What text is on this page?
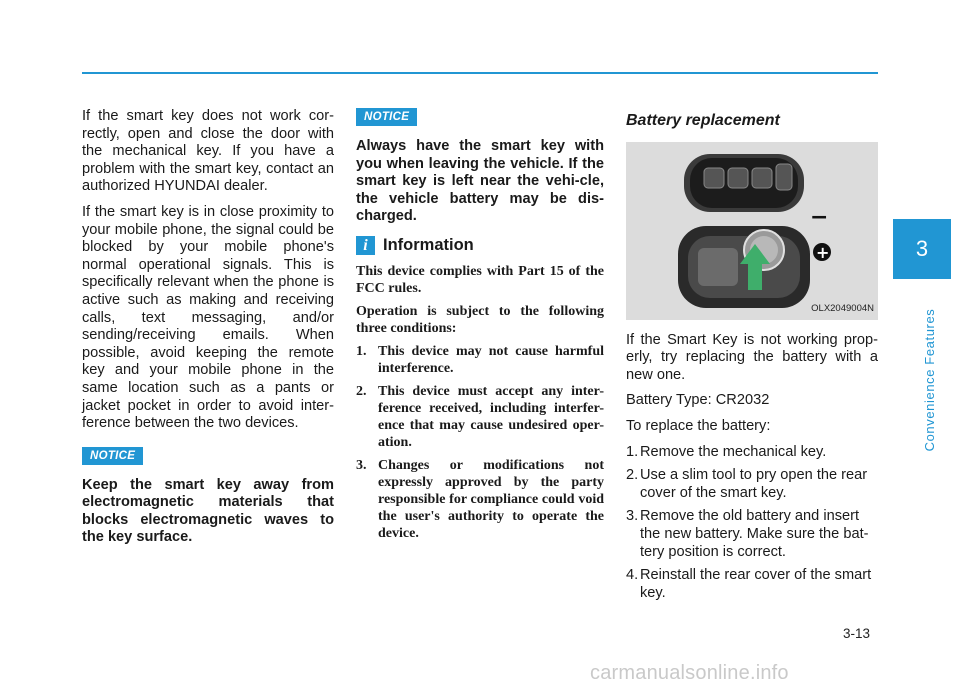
If the smart key does not work cor-rectly, open and close the door with the mechanical key. If you have a problem with the smart key, contact an authorized HYUNDAI dealer.

If the smart key is in close proximity to your mobile phone, the signal could be blocked by your mobile phone's normal operational signals. This is specifically relevant when the phone is active such as making and receiving calls, text messaging, and/or sending/receiving emails. When possible, avoid keeping the remote key and your mobile phone in the same location such as a pants or jacket pocket in order to avoid inter-ference between the two devices.

NOTICE

Keep the smart key away from electromagnetic materials that blocks electromagnetic waves to the key surface.

NOTICE

Always have the smart key with you when leaving the vehicle. If the smart key is left near the vehi-cle, the vehicle battery may be dis-charged.

i Information

This device complies with Part 15 of the FCC rules.

Operation is subject to the following three conditions:

1. This device may not cause harmful interference.
2. This device must accept any inter-ference received, including interfer-ence that may cause undesired oper-ation.
3. Changes or modifications not expressly approved by the party responsible for compliance could void the user's authority to operate the device.
Battery replacement
−
+
OLX2049004N

If the Smart Key is not working prop-erly, try replacing the battery with a new one.

Battery Type: CR2032

To replace the battery:

1. Remove the mechanical key.
2. Use a slim tool to pry open the rear cover of the smart key.
3. Remove the old battery and insert the new battery. Make sure the bat-tery position is correct.
4. Reinstall the rear cover of the smart key.
3
Convenience Features
3-13
carmanualsonline.info
